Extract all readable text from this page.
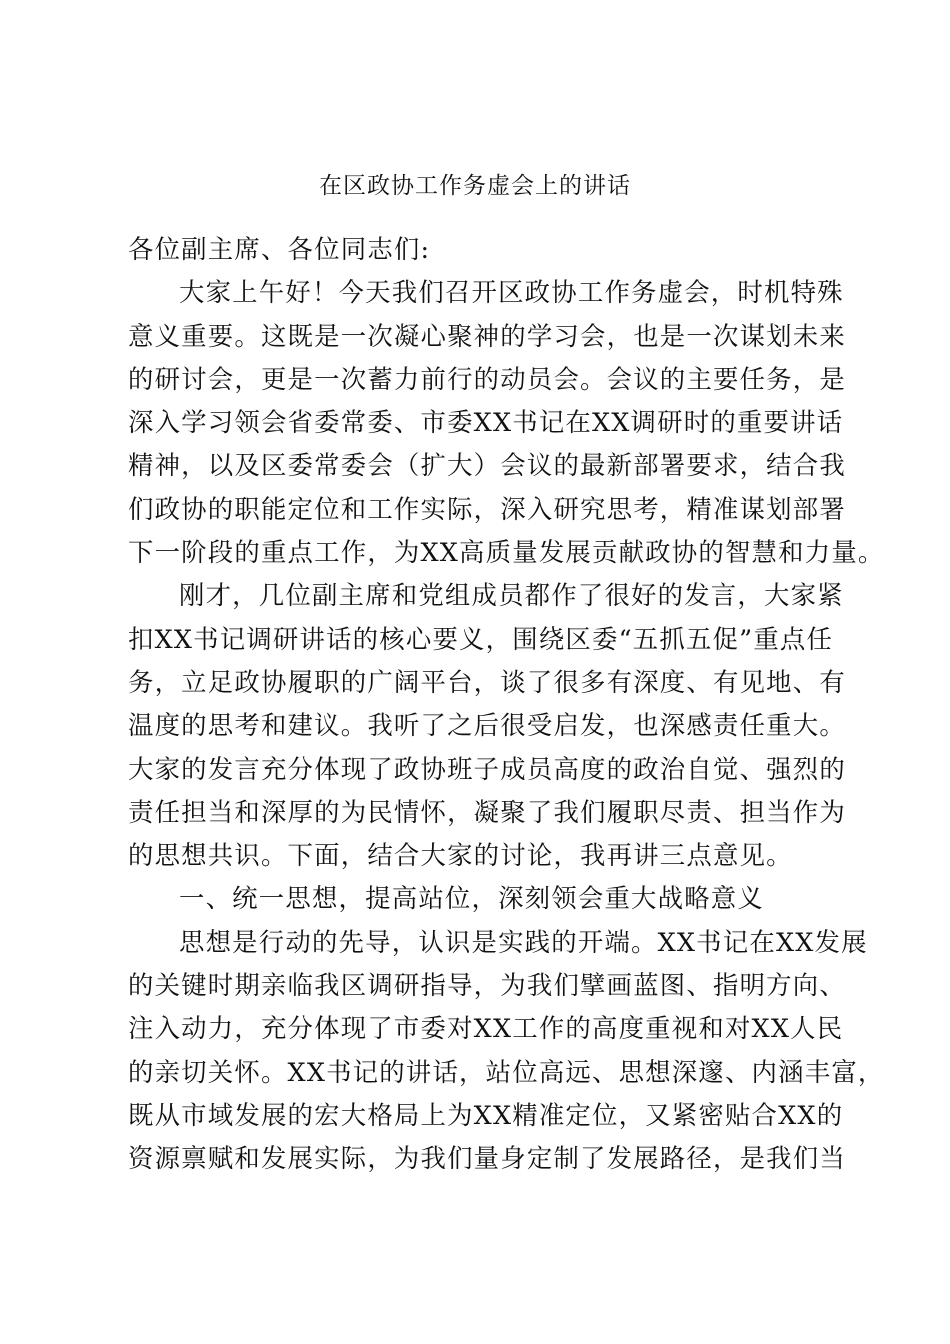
在区政协工作务虚会上的讲话
各位副主席、各位同志们:
大家上午好！今天我们召开区政协工作务虚会，时机特殊
意义重要。这既是一次凝心聚神的学习会，也是一次谋划未来
的研讨会，更是一次蓄力前行的动员会。会议的主要任务，是
深入学习领会省委常委、市委XX书记在XX调研时的重要讲话
精神，以及区委常委会（扩大）会议的最新部署要求，结合我
们政协的职能定位和工作实际，深入研究思考，精准谋划部署
下一阶段的重点工作，为XX高质量发展贡献政协的智慧和力量。
刚才，几位副主席和党组成员都作了很好的发言，大家紧
扣XX书记调研讲话的核心要义，围绕区委“五抓五促”重点任
务，立足政协履职的广阔平台，谈了很多有深度、有见地、有
温度的思考和建议。我听了之后很受启发，也深感责任重大。
大家的发言充分体现了政协班子成员高度的政治自觉、强烈的
责任担当和深厚的为民情怀，凝聚了我们履职尽责、担当作为
的思想共识。下面，结合大家的讨论，我再讲三点意见。
一、统一思想，提高站位，深刻领会重大战略意义
思想是行动的先导，认识是实践的开端。XX书记在XX发展
的关键时期亲临我区调研指导，为我们擘画蓝图、指明方向、
注入动力，充分体现了市委对XX工作的高度重视和对XX人民
的亲切关怀。XX书记的讲话，站位高远、思想深邃、内涵丰富，
既从市域发展的宏大格局上为XX精准定位，又紧密贴合XX的
资源禀赋和发展实际，为我们量身定制了发展路径，是我们当
